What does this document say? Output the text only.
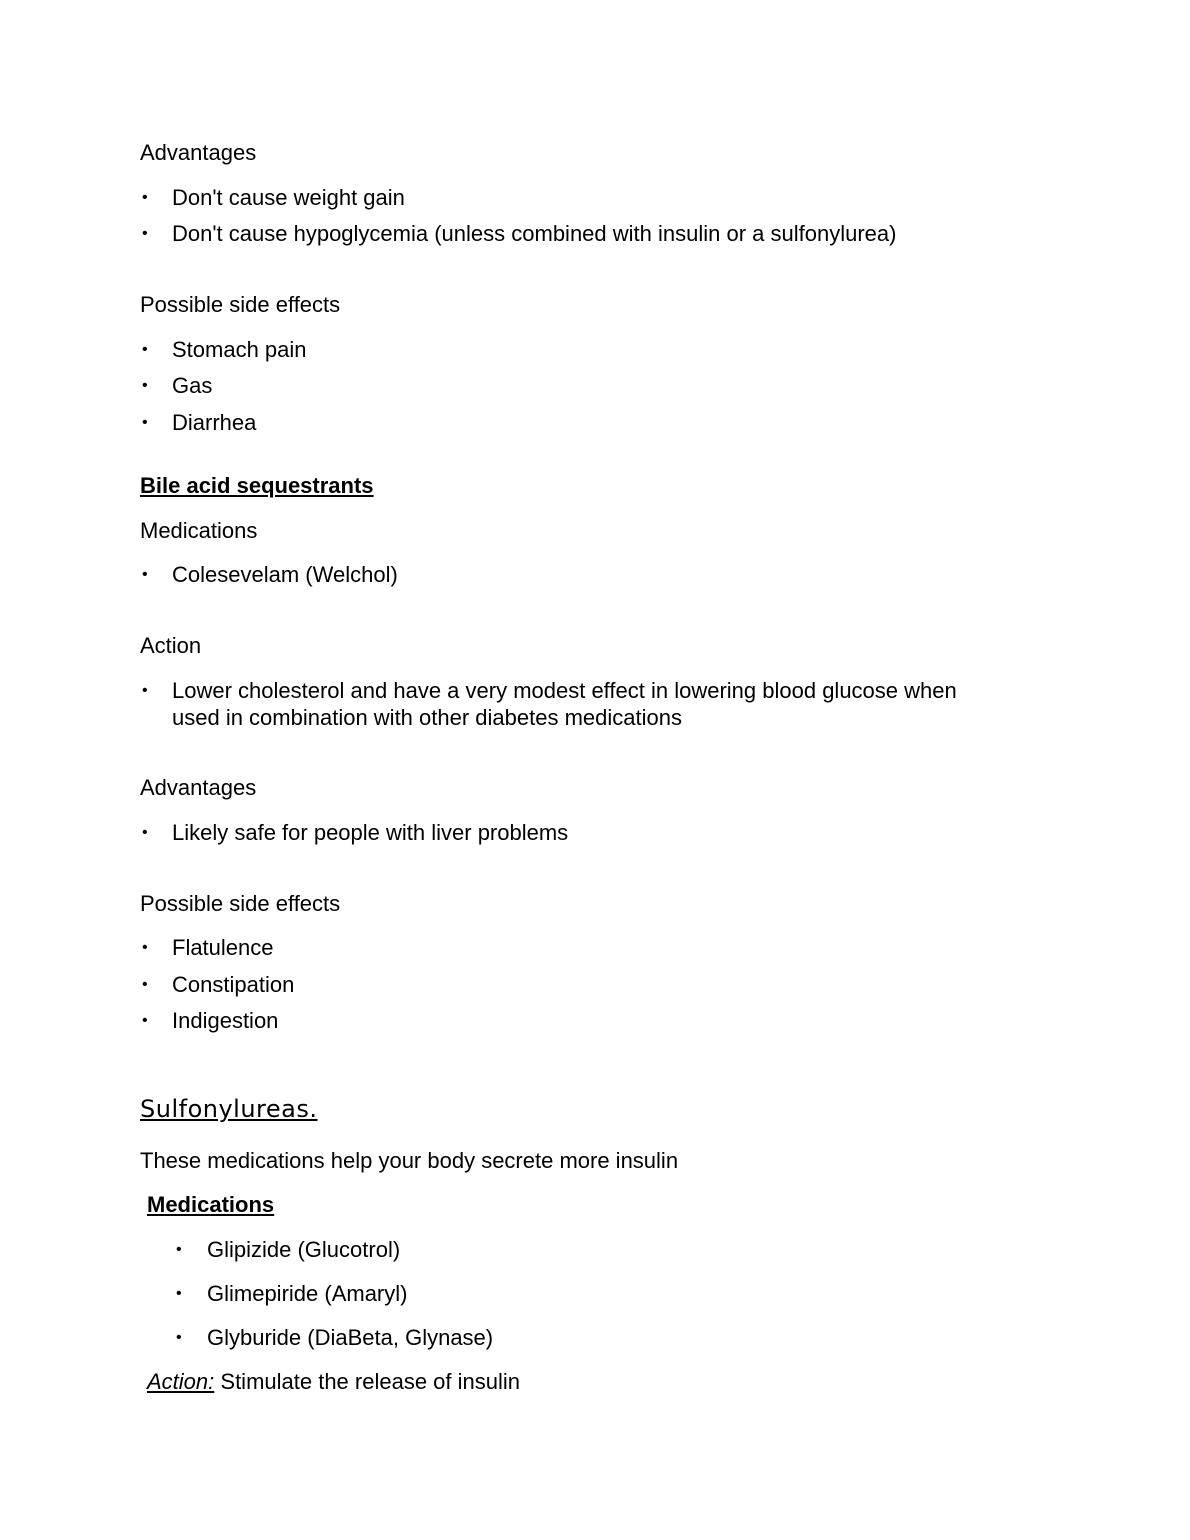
Advantages
• Don't cause weight gain
• Don't cause hypoglycemia (unless combined with insulin or a sulfonylurea)
Possible side effects
• Stomach pain
• Gas
• Diarrhea
Bile acid sequestrants
Medications
• Colesevelam (Welchol)
Action
• Lower cholesterol and have a very modest effect in lowering blood glucose when
used in combination with other diabetes medications
Advantages
• Likely safe for people with liver problems
Possible side effects
• Flatulence
• Constipation
• Indigestion
Sulfonylureas.
These medications help your body secrete more insulin
Medications
• Glipizide (Glucotrol)
• Glimepiride (Amaryl)
• Glyburide (DiaBeta, Glynase)
Action: Stimulate the release of insulin
